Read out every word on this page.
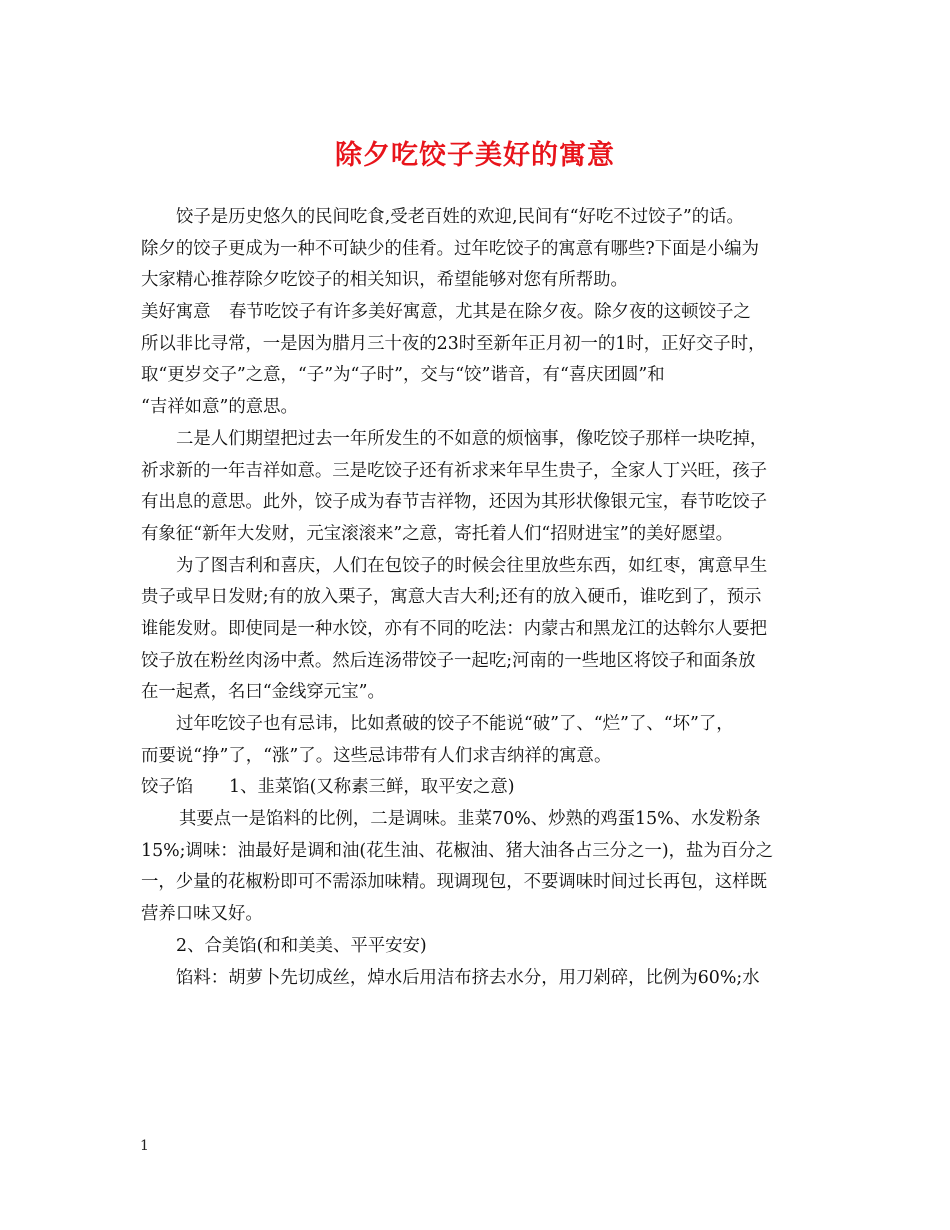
除夕吃饺子美好的寓意
饺子是历史悠久的民间吃食,受老百姓的欢迎,民间有“好吃不过饺子”的话。
除夕的饺子更成为一种不可缺少的佳肴。过年吃饺子的寓意有哪些?下面是小编为
大家精心推荐除夕吃饺子的相关知识，希望能够对您有所帮助。
美好寓意 春节吃饺子有许多美好寓意，尤其是在除夕夜。除夕夜的这顿饺子之
所以非比寻常，一是因为腊月三十夜的23时至新年正月初一的1时，正好交子时，
取“更岁交子”之意，“子”为“子时”，交与“饺”谐音，有“喜庆团圆”和
“吉祥如意”的意思。
二是人们期望把过去一年所发生的不如意的烦恼事，像吃饺子那样一块吃掉，
祈求新的一年吉祥如意。三是吃饺子还有祈求来年早生贵子，全家人丁兴旺，孩子
有出息的意思。此外，饺子成为春节吉祥物，还因为其形状像银元宝，春节吃饺子
有象征“新年大发财，元宝滚滚来”之意，寄托着人们“招财进宝”的美好愿望。
为了图吉利和喜庆，人们在包饺子的时候会往里放些东西，如红枣，寓意早生
贵子或早日发财;有的放入栗子，寓意大吉大利;还有的放入硬币，谁吃到了，预示
谁能发财。即使同是一种水饺，亦有不同的吃法：内蒙古和黑龙江的达斡尔人要把
饺子放在粉丝肉汤中煮。然后连汤带饺子一起吃;河南的一些地区将饺子和面条放
在一起煮，名曰“金线穿元宝”。
过年吃饺子也有忌讳，比如煮破的饺子不能说“破”了、“烂”了、“坏”了，
而要说“挣”了，“涨”了。这些忌讳带有人们求吉纳祥的寓意。
饺子馅 1、韭菜馅(又称素三鲜，取平安之意)
其要点一是馅料的比例，二是调味。韭菜70%、炒熟的鸡蛋15%、水发粉条
15%;调味：油最好是调和油(花生油、花椒油、猪大油各占三分之一)，盐为百分之
一，少量的花椒粉即可不需添加味精。现调现包，不要调味时间过长再包，这样既
营养口味又好。
2、合美馅(和和美美、平平安安)
馅料：胡萝卜先切成丝，焯水后用洁布挤去水分，用刀剁碎，比例为60%;水
1
